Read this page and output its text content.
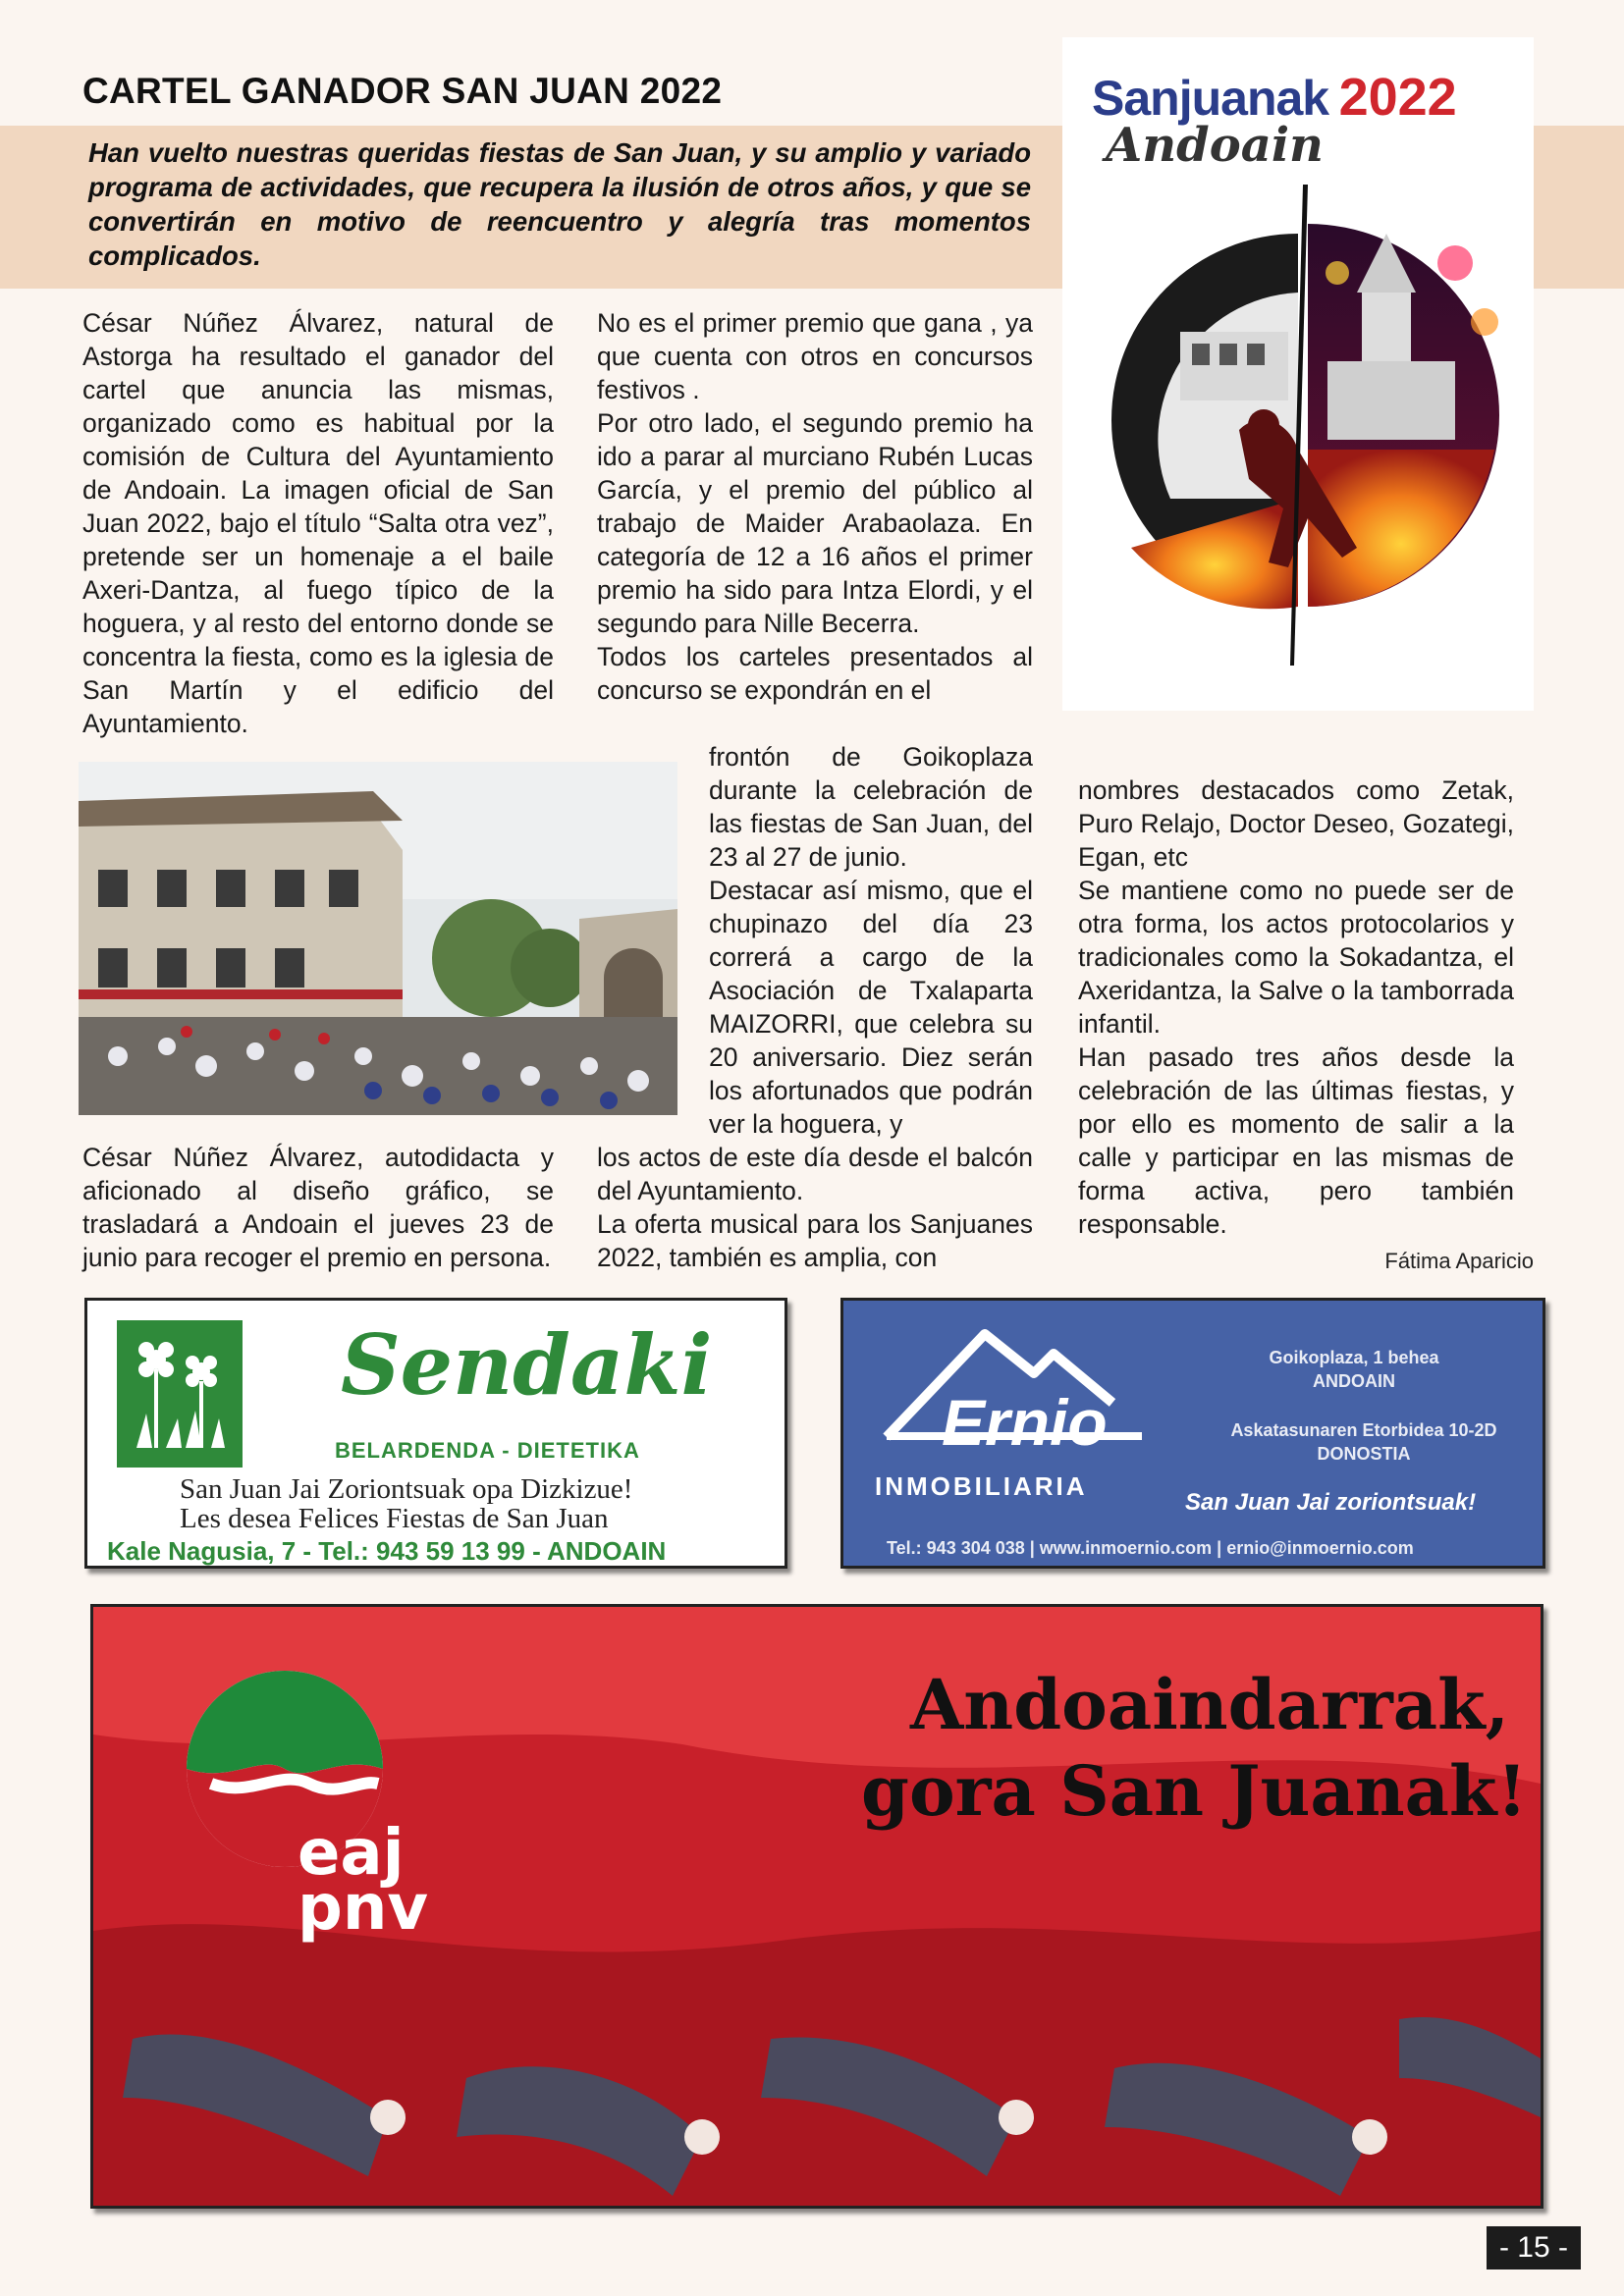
CARTEL GANADOR SAN JUAN 2022

Han vuelto nuestras queridas fiestas de San Juan, y su amplio y variado programa de actividades, que recupera la ilusión de otros años, y que se convertirán en motivo de reencuentro y alegría tras momentos complicados.

Sanjuanak 2022
Andoain

César Núñez Álvarez, natural de Astorga ha resultado el ganador del cartel que anuncia las mismas, organizado como es habitual por la comisión de Cultura del Ayuntamiento de Andoain. La imagen oficial de San Juan 2022, bajo el título “Salta otra vez”, pretende ser un homenaje a el baile Axeri-Dantza, al fuego típico de la hoguera, y al resto del entorno donde se concentra la fiesta, como es la iglesia de San Martín y el edificio del Ayuntamiento.

César Núñez Álvarez, autodidacta y aficionado al diseño gráfico, se trasladará a Andoain el jueves 23 de junio para recoger el premio en persona.

No es el primer premio que gana , ya que cuenta con otros en concursos festivos .

Por otro lado, el segundo premio ha ido a parar al murciano Rubén Lucas García, y el premio del público al trabajo de Maider Arabaolaza. En categoría de 12 a 16 años el primer premio ha sido para Intza Elordi, y el segundo para Nille Becerra.

Todos los carteles presentados al concurso se expondrán en el

frontón de Goikoplaza durante la celebración de las fiestas de San Juan, del 23 al 27 de junio.

Destacar así mismo, que el chupinazo del día 23 correrá a cargo de la Asociación de Txalaparta MAIZORRI, que celebra su 20 aniversario. Diez serán los afortunados que podrán ver la hoguera, y

los actos de este día desde el balcón del Ayuntamiento.

La oferta musical para los Sanjuanes 2022, también es amplia, con

nombres destacados como Zetak, Puro Relajo, Doctor Deseo, Gozategi, Egan, etc

Se mantiene como no puede ser de otra forma, los actos protocolarios y tradicionales como la Sokadantza, el Axeridantza, la Salve o la tamborrada infantil.

Han pasado tres años desde la celebración de las últimas fiestas, y por ello es momento de salir a la calle y participar en las mismas de forma activa, pero también responsable.

Fátima Aparicio
Sendaki
BELARDENDA - DIETETIKA
San Juan Jai Zoriontsuak opa Dizkizue!
Les desea Felices Fiestas de San Juan
Kale Nagusia, 7 - Tel.: 943 59 13 99 - ANDOAIN
Ernio
INMOBILIARIA
Goikoplaza, 1 behea
ANDOAIN
Askatasunaren Etorbidea 10-2D
DONOSTIA
San Juan Jai zoriontsuak!
Tel.: 943 304 038 | www.inmoernio.com | ernio@inmoernio.com
eaj
pnv
Andoaindarrak,
gora San Juanak!
- 15 -
